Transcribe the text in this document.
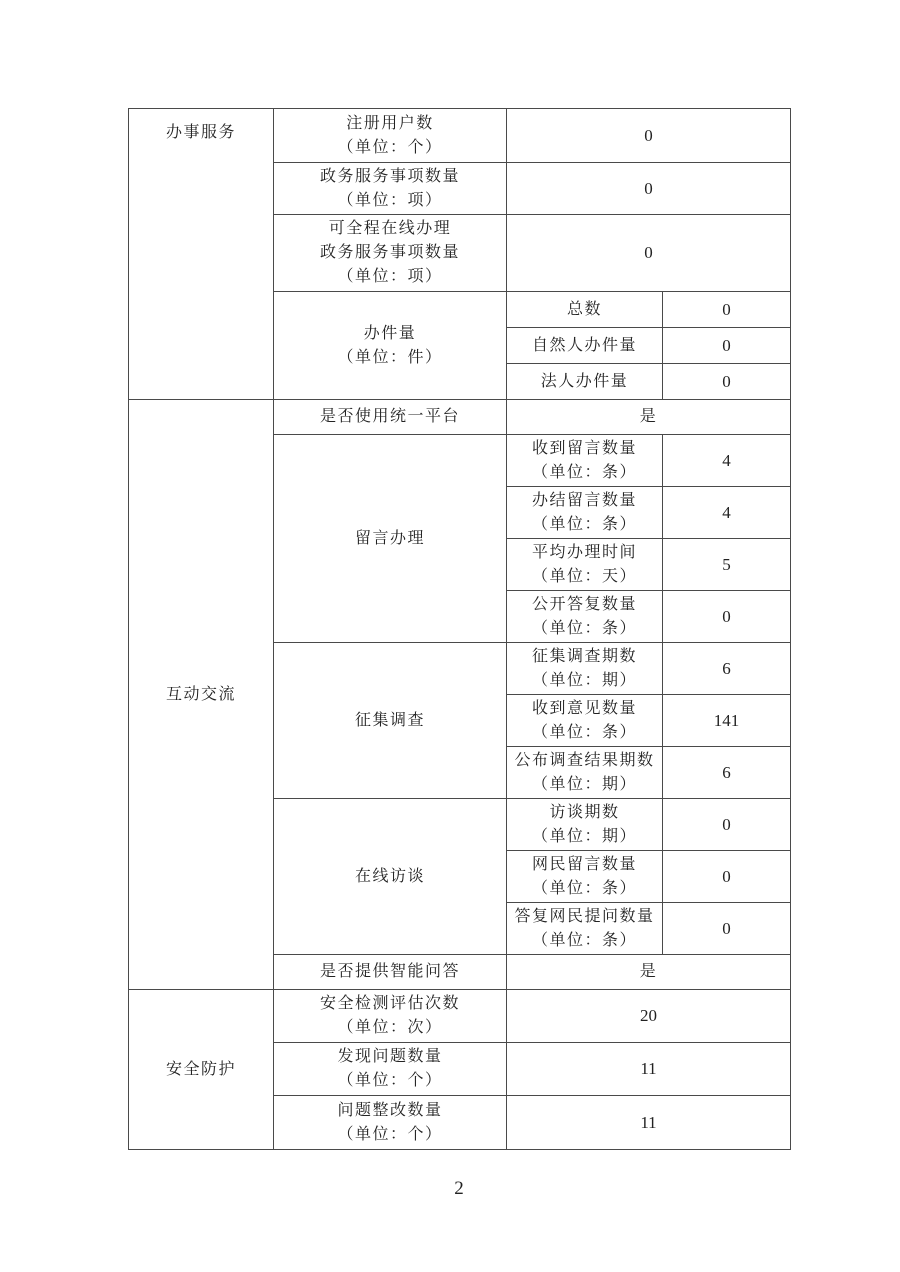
办事服务	注册用户数
（单位：个）	0	

	政务服务事项数量
（单位：项）	0	

	可全程在线办理
政务服务事项数量
（单位：项）	0	

	办件量
（单位：件）	总数	0
		自然人办件量	0
		法人办件量	0
互动交流	是否使用统一平台	是	
	留言办理	收到留言数量
（单位：条）	4

		办结留言数量
（单位：条）	4

		平均办理时间
（单位：天）	5

		公开答复数量
（单位：条）	0
	征集调查	征集调查期数
（单位：期）	6

		收到意见数量
（单位：条）	141

		公布调查结果期数
（单位：期）	6
	在线访谈	访谈期数
（单位：期）	0

		网民留言数量
（单位：条）	0

		答复网民提问数量
（单位：条）	0
	是否提供智能问答	是	
安全防护	安全检测评估次数
（单位：次）	20	

	发现问题数量
（单位：个）	11	

	问题整改数量
（单位：个）	11	
2
